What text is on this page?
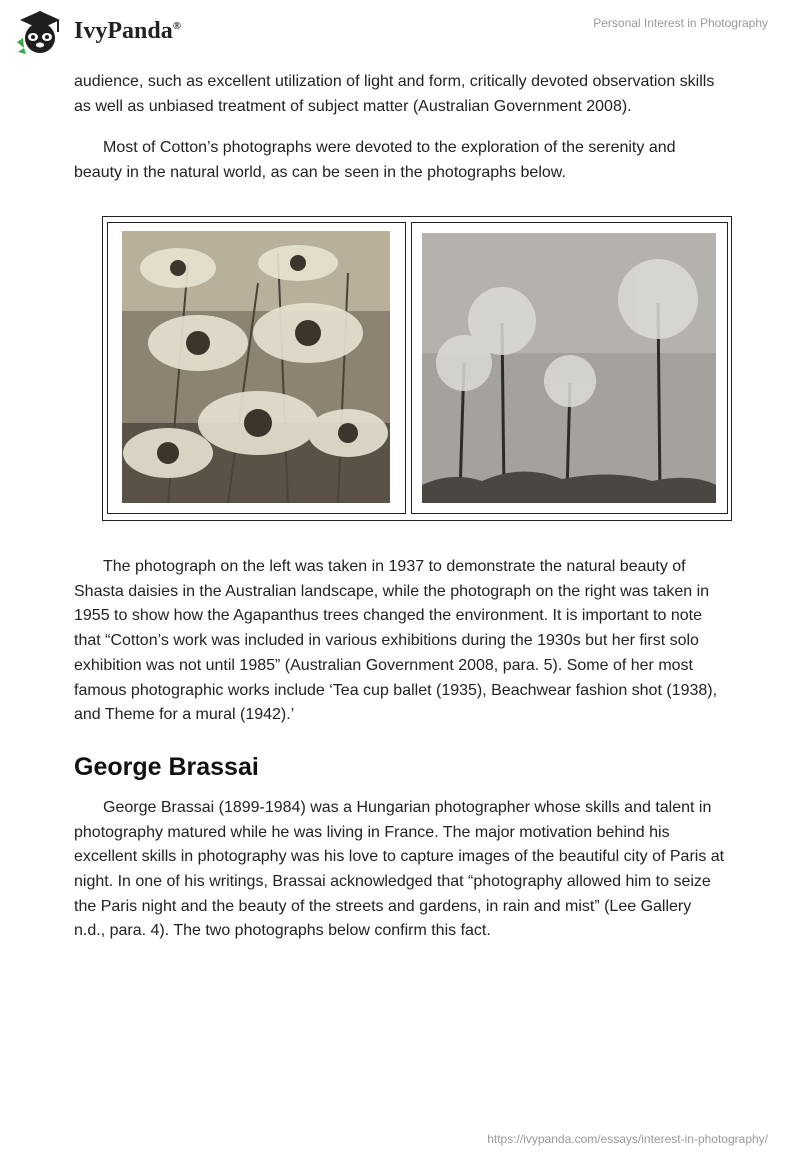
IvyPanda®	Personal Interest in Photography

audience, such as excellent utilization of light and form, critically devoted observation skills as well as unbiased treatment of subject matter (Australian Government 2008).

Most of Cotton’s photographs were devoted to the exploration of the serenity and beauty in the natural world, as can be seen in the photographs below.

The photograph on the left was taken in 1937 to demonstrate the natural beauty of Shasta daisies in the Australian landscape, while the photograph on the right was taken in 1955 to show how the Agapanthus trees changed the environment. It is important to note that “Cotton’s work was included in various exhibitions during the 1930s but her first solo exhibition was not until 1985” (Australian Government 2008, para. 5). Some of her most famous photographic works include ‘Tea cup ballet (1935), Beachwear fashion shot (1938), and Theme for a mural (1942).’

George Brassai

George Brassai (1899-1984) was a Hungarian photographer whose skills and talent in photography matured while he was living in France. The major motivation behind his excellent skills in photography was his love to capture images of the beautiful city of Paris at night. In one of his writings, Brassai acknowledged that “photography allowed him to seize the Paris night and the beauty of the streets and gardens, in rain and mist” (Lee Gallery n.d., para. 4). The two photographs below confirm this fact.

https://ivypanda.com/essays/interest-in-photography/
